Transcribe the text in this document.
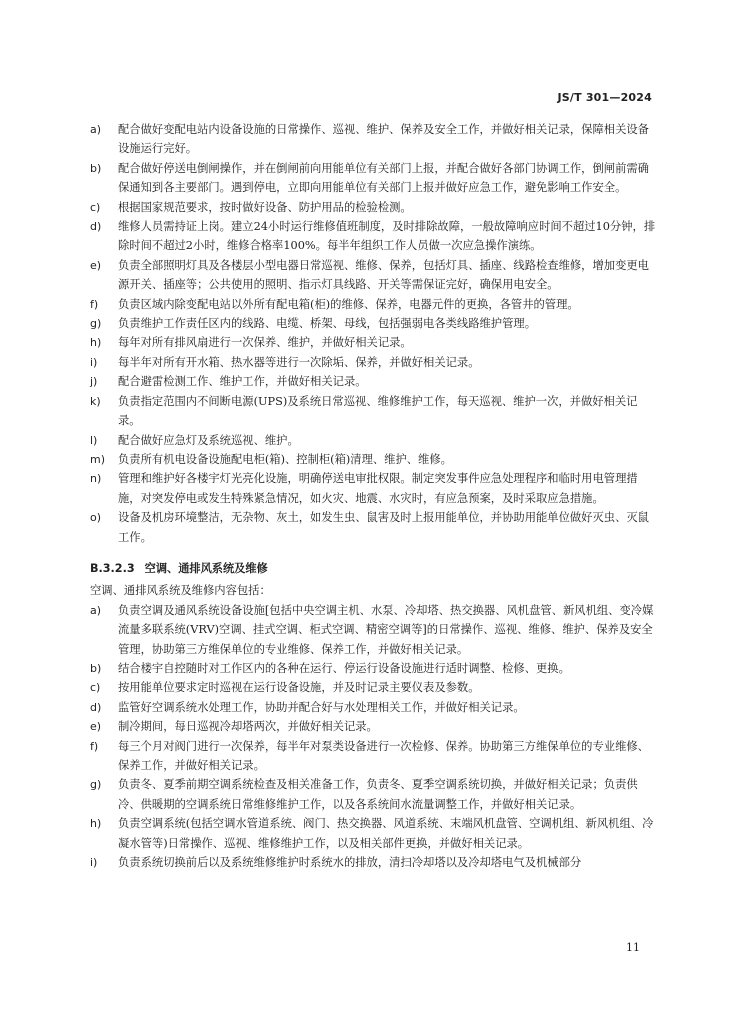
JS/T 301—2024
a)	配合做好变配电站内设备设施的日常操作、巡视、维护、保养及安全工作，并做好相关记录，保障相关设备设施运行完好。
b)	配合做好停送电倒闸操作，并在倒闸前向用能单位有关部门上报，并配合做好各部门协调工作，倒闸前需确保通知到各主要部门。遇到停电，立即向用能单位有关部门上报并做好应急工作，避免影响工作安全。
c)	根据国家规范要求，按时做好设备、防护用品的检验检测。
d)	维修人员需持证上岗。建立24小时运行维修值班制度，及时排除故障，一般故障响应时间不超过10分钟，排除时间不超过2小时，维修合格率100%。每半年组织工作人员做一次应急操作演练。
e)	负责全部照明灯具及各楼层小型电器日常巡视、维修、保养，包括灯具、插座、线路检查维修，增加变更电源开关、插座等；公共使用的照明、指示灯具线路、开关等需保证完好，确保用电安全。
f)	负责区域内除变配电站以外所有配电箱(柜)的维修、保养，电器元件的更换，各管井的管理。
g)	负责维护工作责任区内的线路、电缆、桥架、母线，包括强弱电各类线路维护管理。
h)	每年对所有排风扇进行一次保养、维护，并做好相关记录。
i)	每半年对所有开水箱、热水器等进行一次除垢、保养，并做好相关记录。
j)	配合避雷检测工作、维护工作，并做好相关记录。
k)	负责指定范围内不间断电源(UPS)及系统日常巡视、维修维护工作，每天巡视、维护一次，并做好相关记录。
l)	配合做好应急灯及系统巡视、维护。
m)	负责所有机电设备设施配电柜(箱)、控制柜(箱)清理、维护、维修。
n)	管理和维护好各楼宇灯光亮化设施，明确停送电审批权限。制定突发事件应急处理程序和临时用电管理措施，对突发停电或发生特殊紧急情况，如火灾、地震、水灾时，有应急预案，及时采取应急措施。
o)	设备及机房环境整洁，无杂物、灰土，如发生虫、鼠害及时上报用能单位，并协助用能单位做好灭虫、灭鼠工作。
B.3.2.3 空调、通排风系统及维修
空调、通排风系统及维修内容包括：
a)	负责空调及通风系统设备设施[包括中央空调主机、水泵、冷却塔、热交换器、风机盘管、新风机组、变冷媒流量多联系统(VRV)空调、挂式空调、柜式空调、精密空调等]的日常操作、巡视、维修、维护、保养及安全管理，协助第三方维保单位的专业维修、保养工作，并做好相关记录。
b)	结合楼宇自控随时对工作区内的各种在运行、停运行设备设施进行适时调整、检修、更换。
c)	按用能单位要求定时巡视在运行设备设施，并及时记录主要仪表及参数。
d)	监管好空调系统水处理工作，协助并配合好与水处理相关工作，并做好相关记录。
e)	制冷期间，每日巡视冷却塔两次，并做好相关记录。
f)	每三个月对阀门进行一次保养，每半年对泵类设备进行一次检修、保养。协助第三方维保单位的专业维修、保养工作，并做好相关记录。
g)	负责冬、夏季前期空调系统检查及相关准备工作，负责冬、夏季空调系统切换，并做好相关记录；负责供冷、供暖期的空调系统日常维修维护工作，以及各系统间水流量调整工作，并做好相关记录。
h)	负责空调系统(包括空调水管道系统、阀门、热交换器、风道系统、末端风机盘管、空调机组、新风机组、冷凝水管等)日常操作、巡视、维修维护工作，以及相关部件更换，并做好相关记录。
i)	负责系统切换前后以及系统维修维护时系统水的排放，清扫冷却塔以及冷却塔电气及机械部分
11
